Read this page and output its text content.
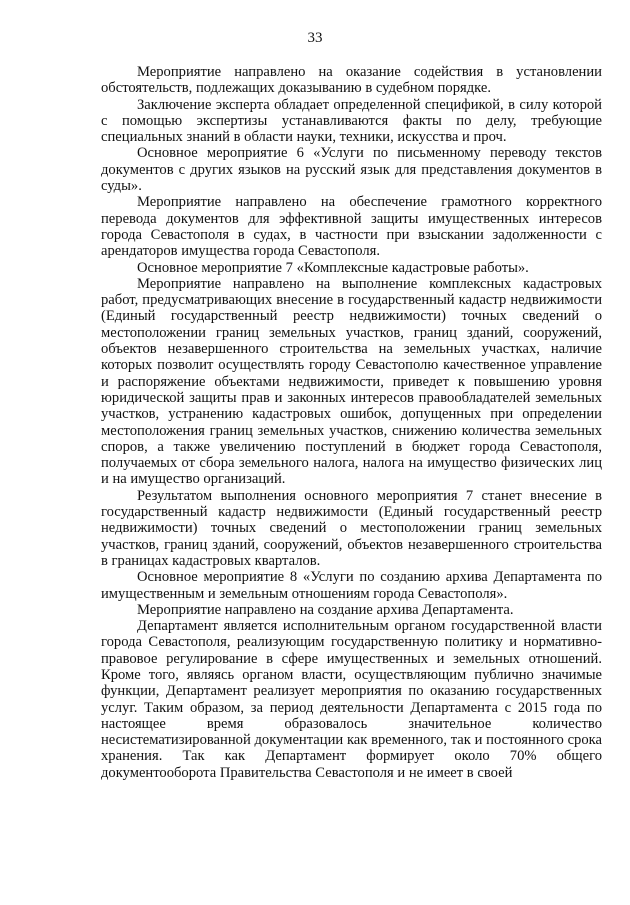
33

Мероприятие направлено на оказание содействия в установлении обстоятельств, подлежащих доказыванию в судебном порядке.

Заключение эксперта обладает определенной спецификой, в силу которой с помощью экспертизы устанавливаются факты по делу, требующие специальных знаний в области науки, техники, искусства и проч.

Основное мероприятие 6 «Услуги по письменному переводу текстов документов с других языков на русский язык для представления документов в суды».

Мероприятие направлено на обеспечение грамотного корректного перевода документов для эффективной защиты имущественных интересов города Севастополя в судах, в частности при взыскании задолженности с арендаторов имущества города Севастополя.

Основное мероприятие 7 «Комплексные кадастровые работы».

Мероприятие направлено на выполнение комплексных кадастровых работ, предусматривающих внесение в государственный кадастр недвижимости (Единый государственный реестр недвижимости) точных сведений о местоположении границ земельных участков, границ зданий, сооружений, объектов незавершенного строительства на земельных участках, наличие которых позволит осуществлять городу Севастополю качественное управление и распоряжение объектами недвижимости, приведет к повышению уровня юридической защиты прав и законных интересов правообладателей земельных участков, устранению кадастровых ошибок, допущенных при определении местоположения границ земельных участков, снижению количества земельных споров, а также увеличению поступлений в бюджет города Севастополя, получаемых от сбора земельного налога, налога на имущество физических лиц и на имущество организаций.

Результатом выполнения основного мероприятия 7 станет внесение в государственный кадастр недвижимости (Единый государственный реестр недвижимости) точных сведений о местоположении границ земельных участков, границ зданий, сооружений, объектов незавершенного строительства в границах кадастровых кварталов.

Основное мероприятие 8 «Услуги по созданию архива Департамента по имущественным и земельным отношениям города Севастополя».

Мероприятие направлено на создание архива Департамента.

Департамент является исполнительным органом государственной власти города Севастополя, реализующим государственную политику и нормативно-правовое регулирование в сфере имущественных и земельных отношений. Кроме того, являясь органом власти, осуществляющим публично значимые функции, Департамент реализует мероприятия по оказанию государственных услуг. Таким образом, за период деятельности Департамента с 2015 года по настоящее время образовалось значительное количество несистематизированной документации как временного, так и постоянного срока хранения. Так как Департамент формирует около 70% общего документооборота Правительства Севастополя и не имеет в своей
